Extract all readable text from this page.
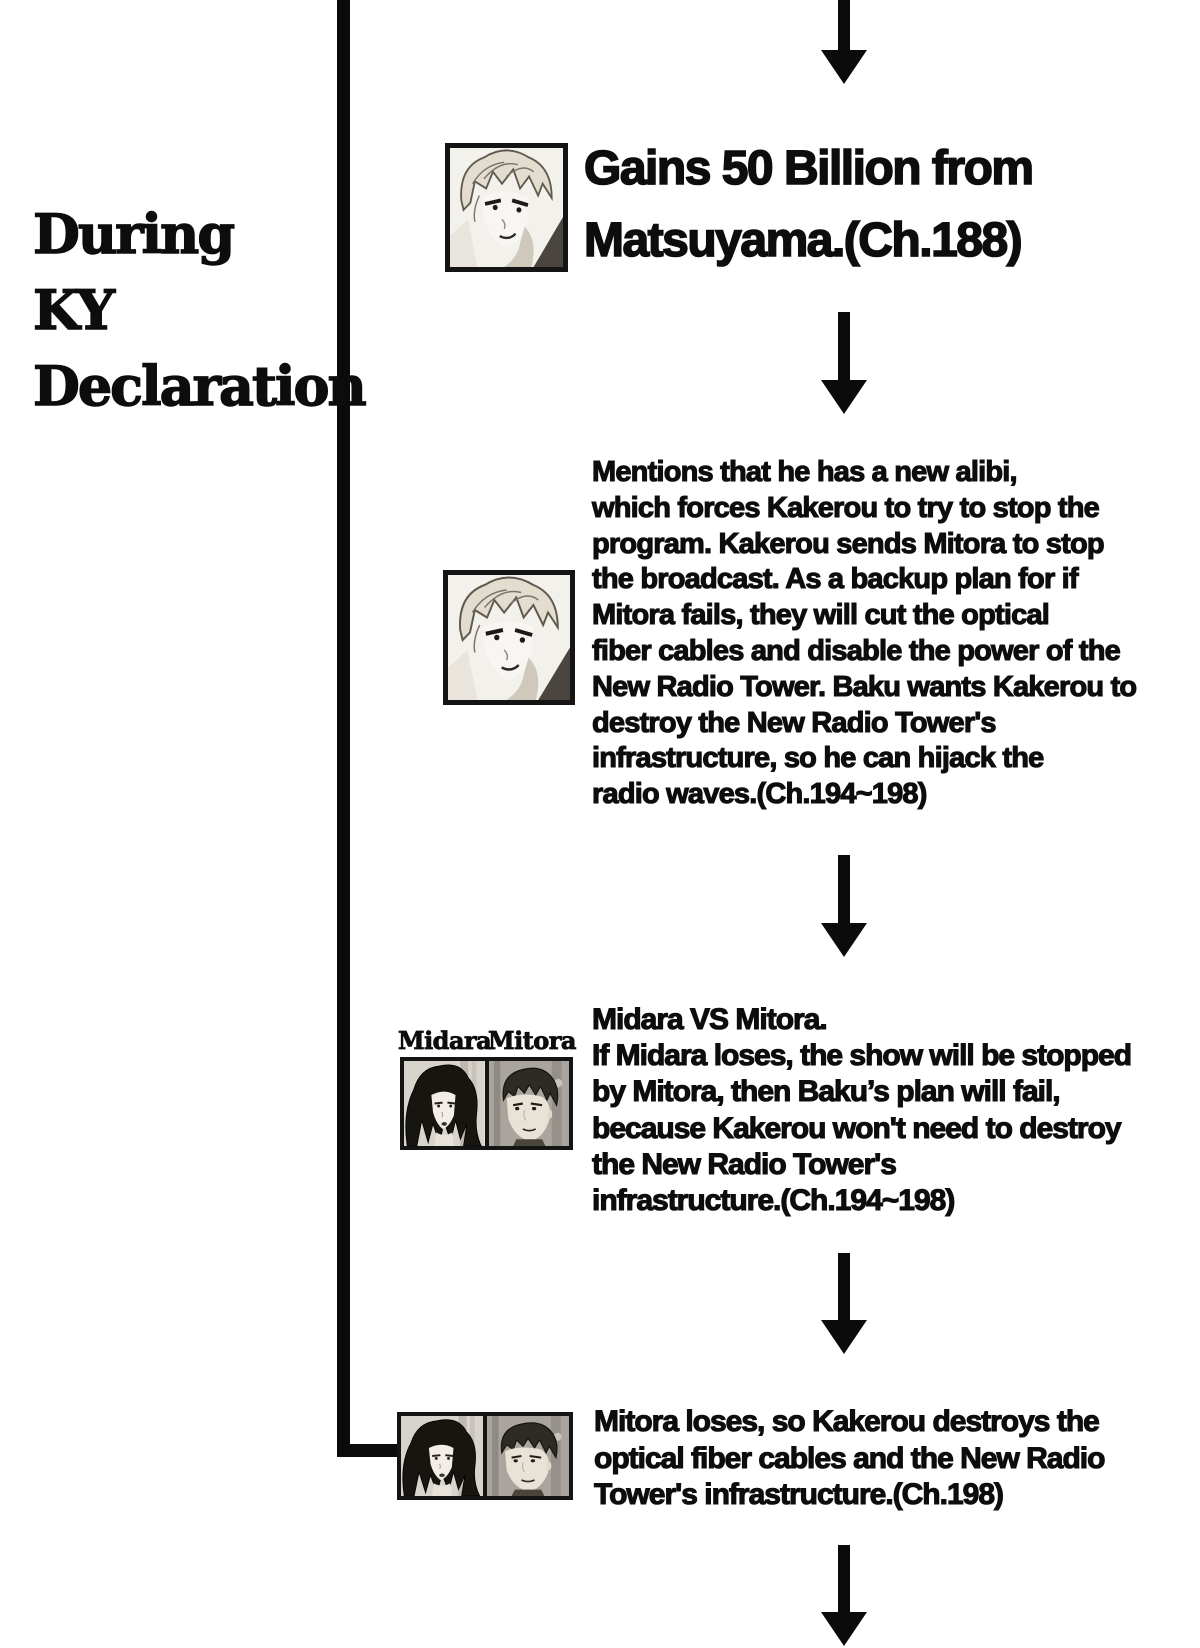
During
KY
Declaration
Gains 50 Billion from
Matsuyama.(Ch.188)
Mentions that he has a new alibi,
which forces Kakerou to try to stop the
program. Kakerou sends Mitora to stop
the broadcast. As a backup plan for if
Mitora fails, they will cut the optical
fiber cables and disable the power of the
New Radio Tower. Baku wants Kakerou to
destroy the New Radio Tower's
infrastructure, so he can hijack the
radio waves.(Ch.194~198)
Midara
Mitora
Midara VS Mitora.
If Midara loses, the show will be stopped
by Mitora, then Baku’s plan will fail,
because Kakerou won't need to destroy
the New Radio Tower's
infrastructure.(Ch.194~198)
Mitora loses, so Kakerou destroys the
optical fiber cables and the New Radio
Tower's infrastructure.(Ch.198)
